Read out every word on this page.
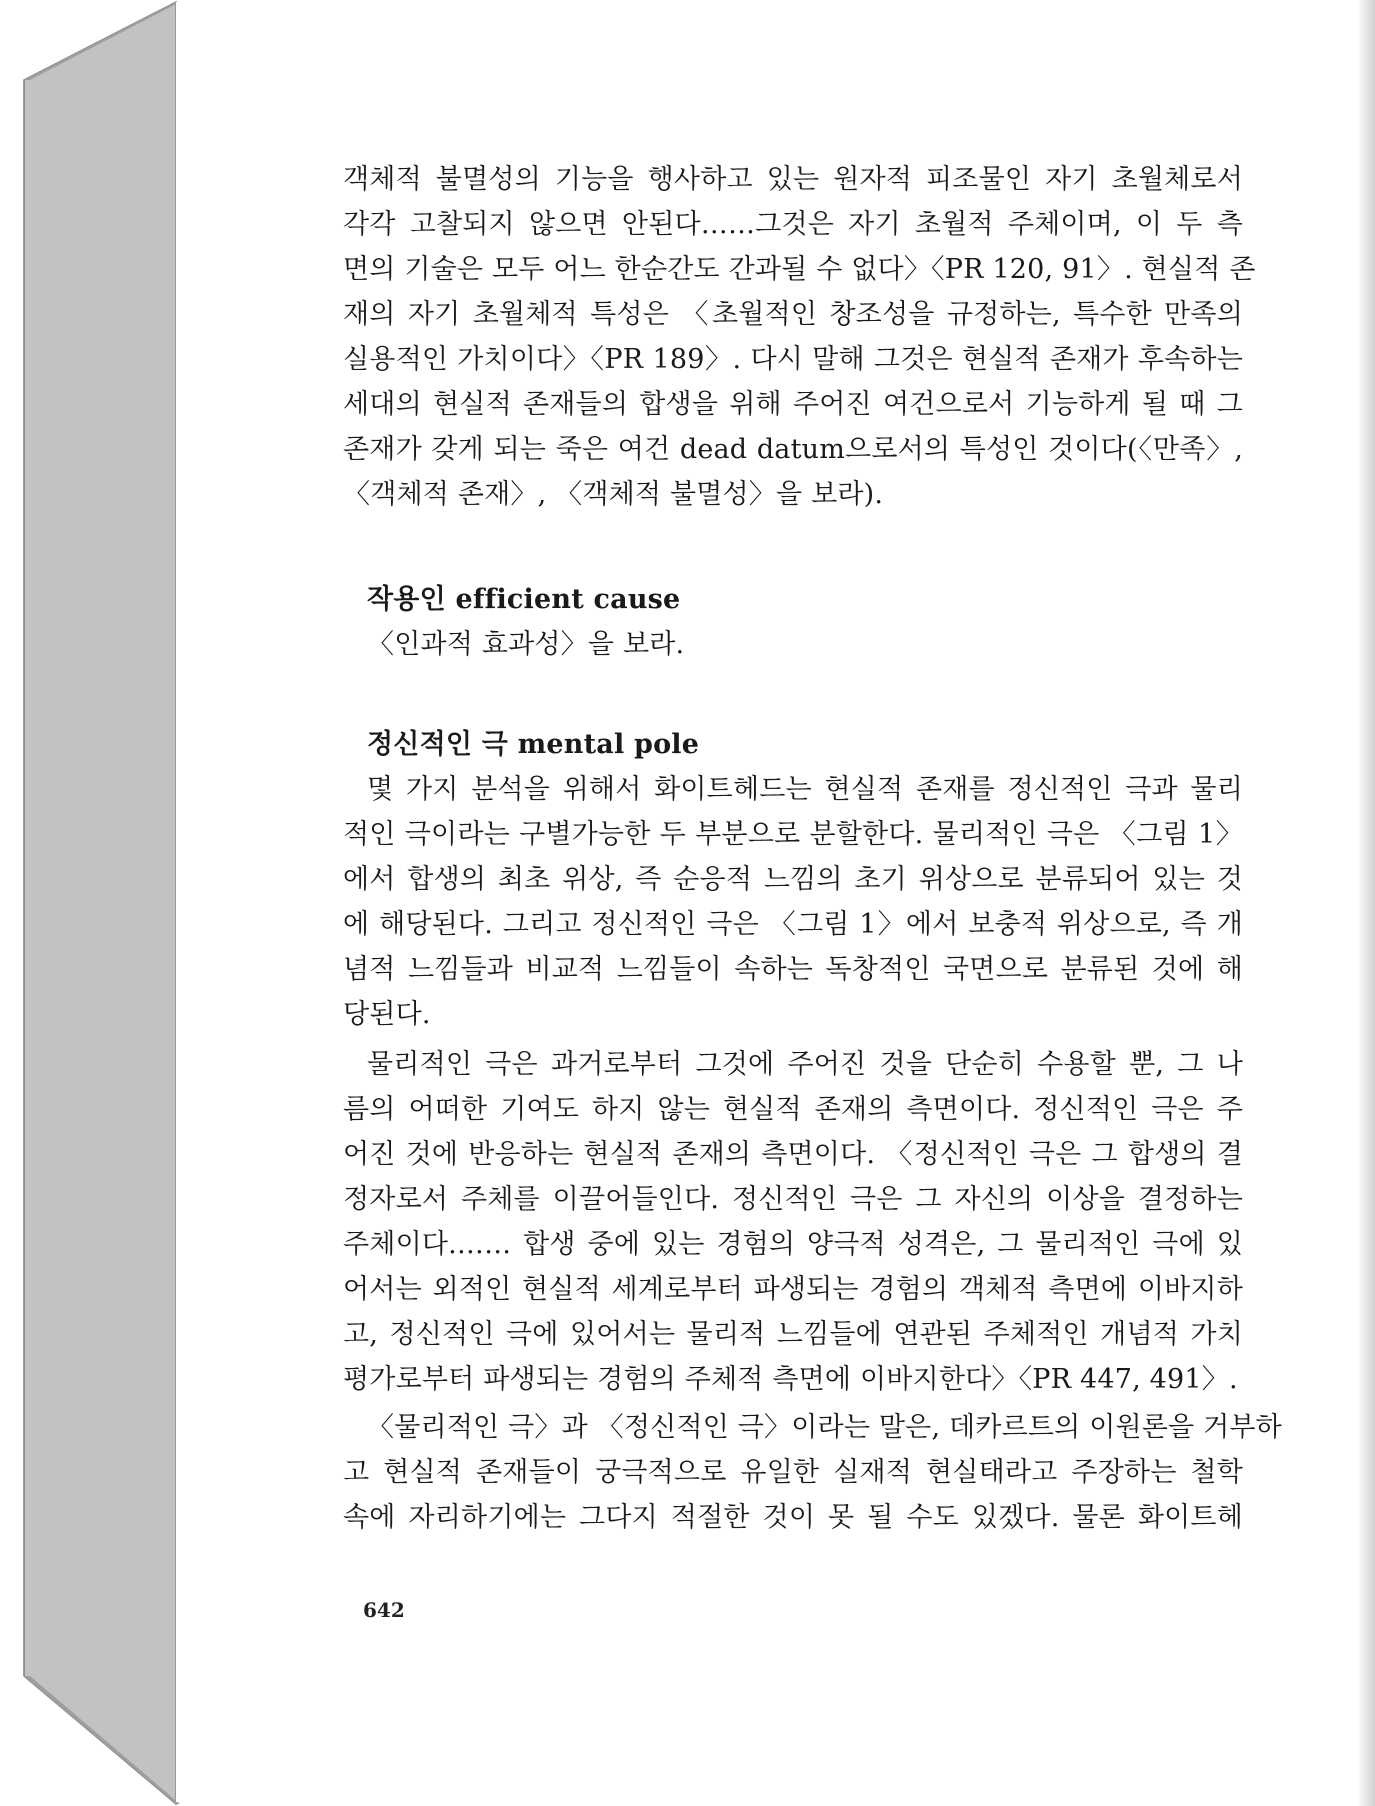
객체적 불멸성의 기능을 행사하고 있는 원자적 피조물인 자기 초월체로서
각각 고찰되지 않으면 안된다……그것은 자기 초월적 주체이며, 이 두 측
면의 기술은 모두 어느 한순간도 간과될 수 없다〉〈PR 120, 91〉. 현실적 존
재의 자기 초월체적 특성은 〈초월적인 창조성을 규정하는, 특수한 만족의
실용적인 가치이다〉〈PR 189〉. 다시 말해 그것은 현실적 존재가 후속하는
세대의 현실적 존재들의 합생을 위해 주어진 여건으로서 기능하게 될 때 그
존재가 갖게 되는 죽은 여건 dead datum으로서의 특성인 것이다(〈만족〉,
〈객체적 존재〉, 〈객체적 불멸성〉을 보라).
작용인 efficient cause
〈인과적 효과성〉을 보라.
정신적인 극 mental pole
몇 가지 분석을 위해서 화이트헤드는 현실적 존재를 정신적인 극과 물리
적인 극이라는 구별가능한 두 부분으로 분할한다. 물리적인 극은 〈그림 1〉
에서 합생의 최초 위상, 즉 순응적 느낌의 초기 위상으로 분류되어 있는 것
에 해당된다. 그리고 정신적인 극은 〈그림 1〉에서 보충적 위상으로, 즉 개
념적 느낌들과 비교적 느낌들이 속하는 독창적인 국면으로 분류된 것에 해
당된다.
물리적인 극은 과거로부터 그것에 주어진 것을 단순히 수용할 뿐, 그 나
름의 어떠한 기여도 하지 않는 현실적 존재의 측면이다. 정신적인 극은 주
어진 것에 반응하는 현실적 존재의 측면이다. 〈정신적인 극은 그 합생의 결
정자로서 주체를 이끌어들인다. 정신적인 극은 그 자신의 이상을 결정하는
주체이다.…… 합생 중에 있는 경험의 양극적 성격은, 그 물리적인 극에 있
어서는 외적인 현실적 세계로부터 파생되는 경험의 객체적 측면에 이바지하
고, 정신적인 극에 있어서는 물리적 느낌들에 연관된 주체적인 개념적 가치
평가로부터 파생되는 경험의 주체적 측면에 이바지한다〉〈PR 447, 491〉.
〈물리적인 극〉과 〈정신적인 극〉이라는 말은, 데카르트의 이원론을 거부하
고 현실적 존재들이 궁극적으로 유일한 실재적 현실태라고 주장하는 철학
속에 자리하기에는 그다지 적절한 것이 못 될 수도 있겠다. 물론 화이트헤
642
